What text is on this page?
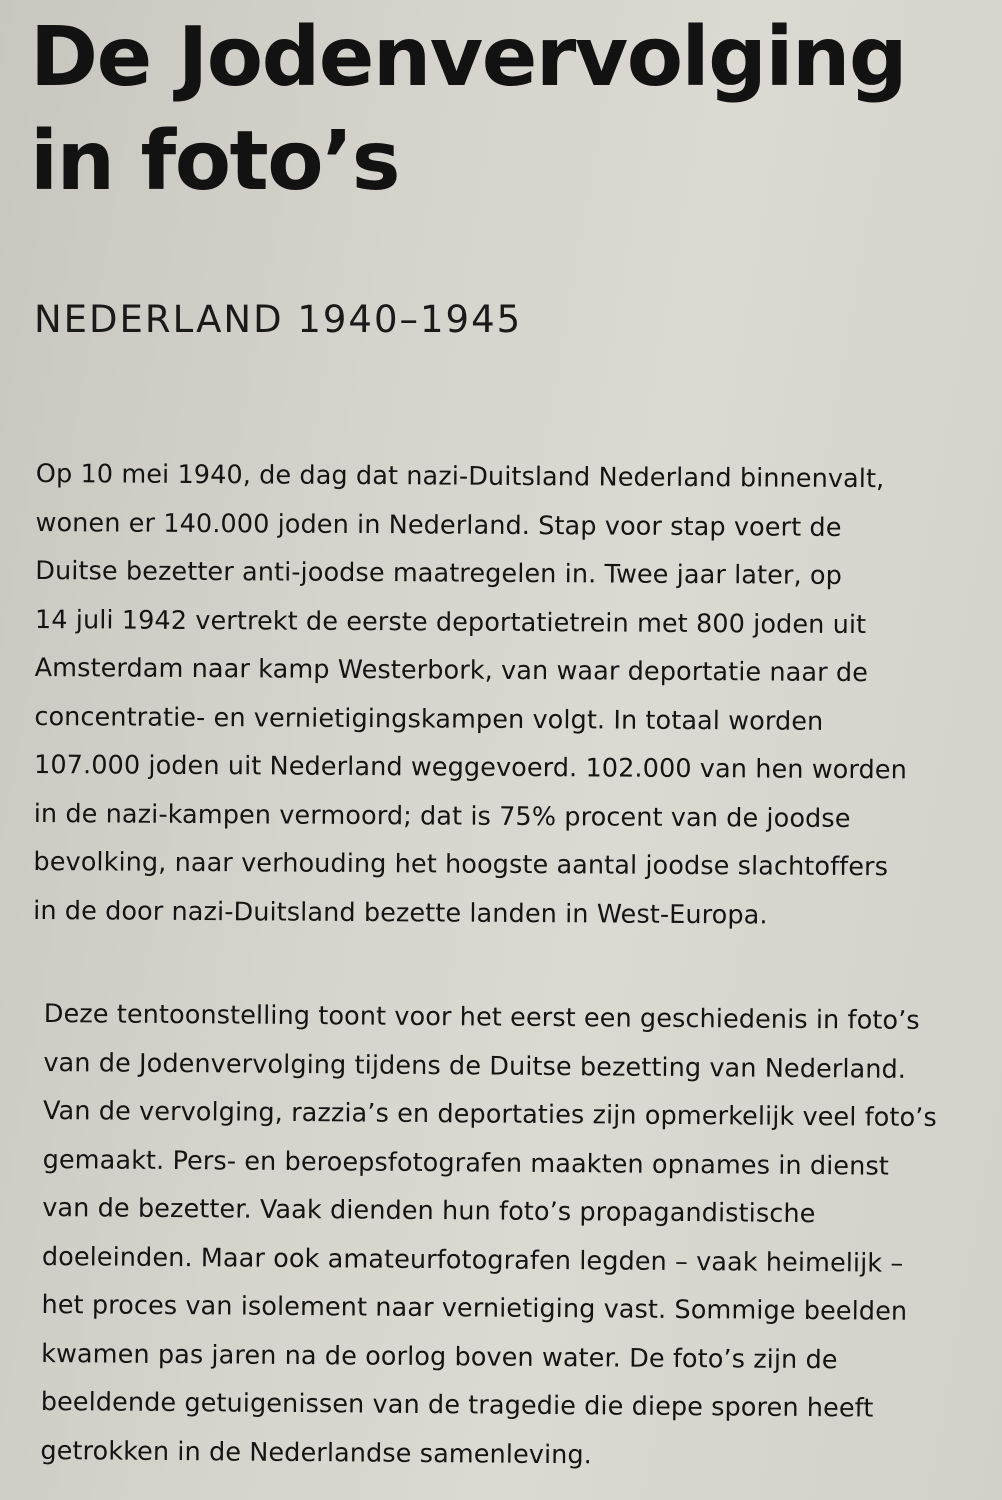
De Jodenvervolging
in foto’s
NEDERLAND 1940–1945

Op 10 mei 1940, de dag dat nazi-Duitsland Nederland binnenvalt,
wonen er 140.000 joden in Nederland. Stap voor stap voert de
Duitse bezetter anti-joodse maatregelen in. Twee jaar later, op
14 juli 1942 vertrekt de eerste deportatietrein met 800 joden uit
Amsterdam naar kamp Westerbork, van waar deportatie naar de
concentratie- en vernietigingskampen volgt. In totaal worden
107.000 joden uit Nederland weggevoerd. 102.000 van hen worden
in de nazi-kampen vermoord; dat is 75% procent van de joodse
bevolking, naar verhouding het hoogste aantal joodse slachtoffers
in de door nazi-Duitsland bezette landen in West-Europa.

Deze tentoonstelling toont voor het eerst een geschiedenis in foto’s
van de Jodenvervolging tijdens de Duitse bezetting van Nederland.
Van de vervolging, razzia’s en deportaties zijn opmerkelijk veel foto’s
gemaakt. Pers- en beroepsfotografen maakten opnames in dienst
van de bezetter. Vaak dienden hun foto’s propagandistische
doeleinden. Maar ook amateurfotografen legden – vaak heimelijk –
het proces van isolement naar vernietiging vast. Sommige beelden
kwamen pas jaren na de oorlog boven water. De foto’s zijn de
beeldende getuigenissen van de tragedie die diepe sporen heeft
getrokken in de Nederlandse samenleving.
